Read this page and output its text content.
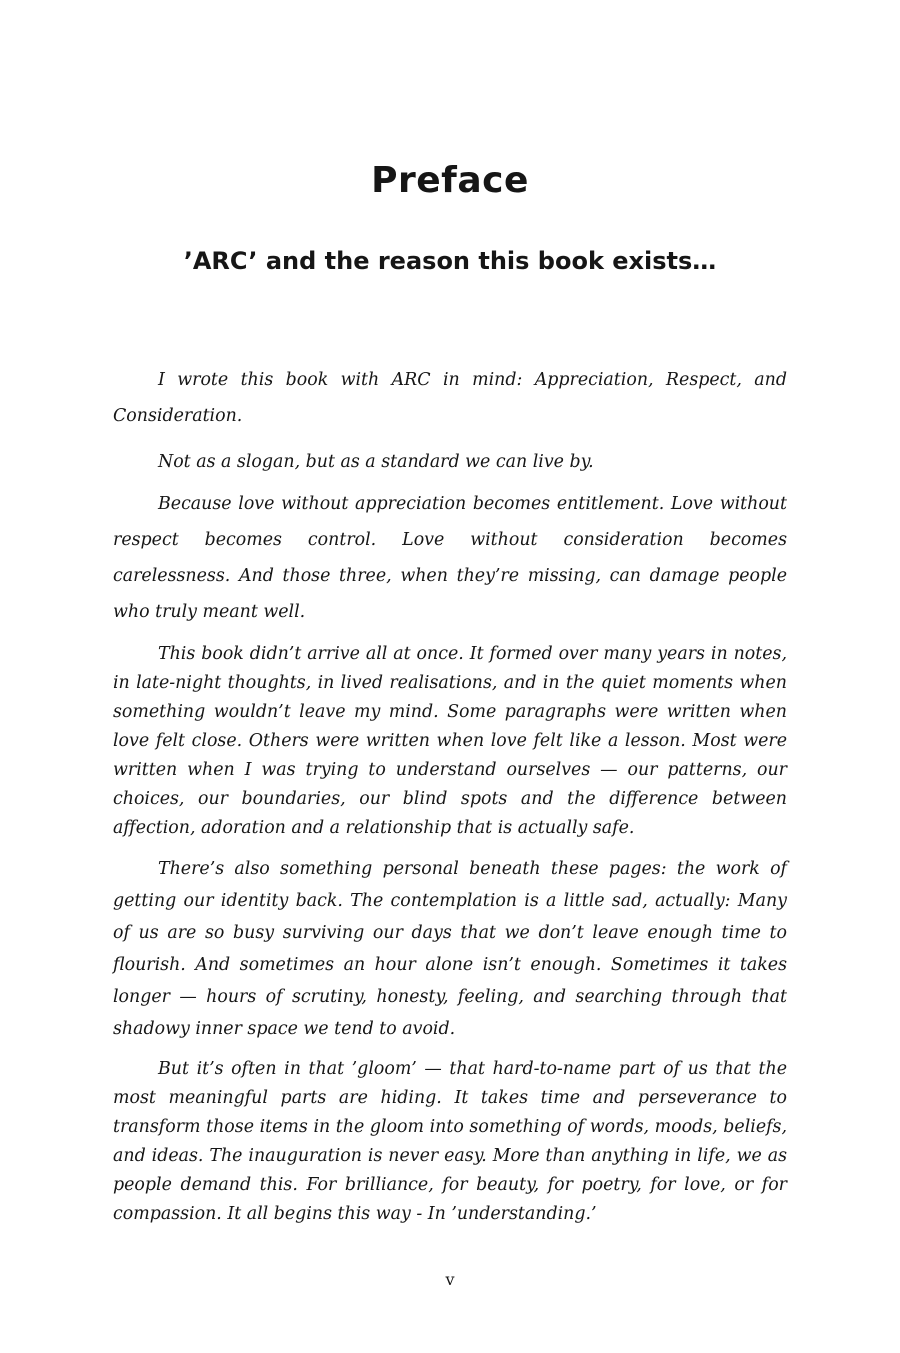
Preface
’ARC’ and the reason this book exists…

I wrote this book with ARC in mind: Appreciation, Respect, and Consideration.

Not as a slogan, but as a standard we can live by.

Because love without appreciation becomes entitlement. Love without respect becomes control. Love without consideration becomes carelessness. And those three, when they’re missing, can damage people who truly meant well.

This book didn’t arrive all at once. It formed over many years in notes, in late-night thoughts, in lived realisations, and in the quiet moments when something wouldn’t leave my mind. Some paragraphs were written when love felt close. Others were written when love felt like a lesson. Most were written when I was trying to understand ourselves — our patterns, our choices, our boundaries, our blind spots and the difference between affection, adoration and a relationship that is actually safe.

There’s also something personal beneath these pages: the work of getting our identity back. The contemplation is a little sad, actually: Many of us are so busy surviving our days that we don’t leave enough time to flourish. And sometimes an hour alone isn’t enough. Sometimes it takes longer — hours of scrutiny, honesty, feeling, and searching through that shadowy inner space we tend to avoid.

But it’s often in that ’gloom’ — that hard-to-name part of us that the most meaningful parts are hiding. It takes time and perseverance to transform those items in the gloom into something of words, moods, beliefs, and ideas. The inauguration is never easy. More than anything in life, we as people demand this. For brilliance, for beauty, for poetry, for love, or for compassion. It all begins this way - In ’understanding.’

v
